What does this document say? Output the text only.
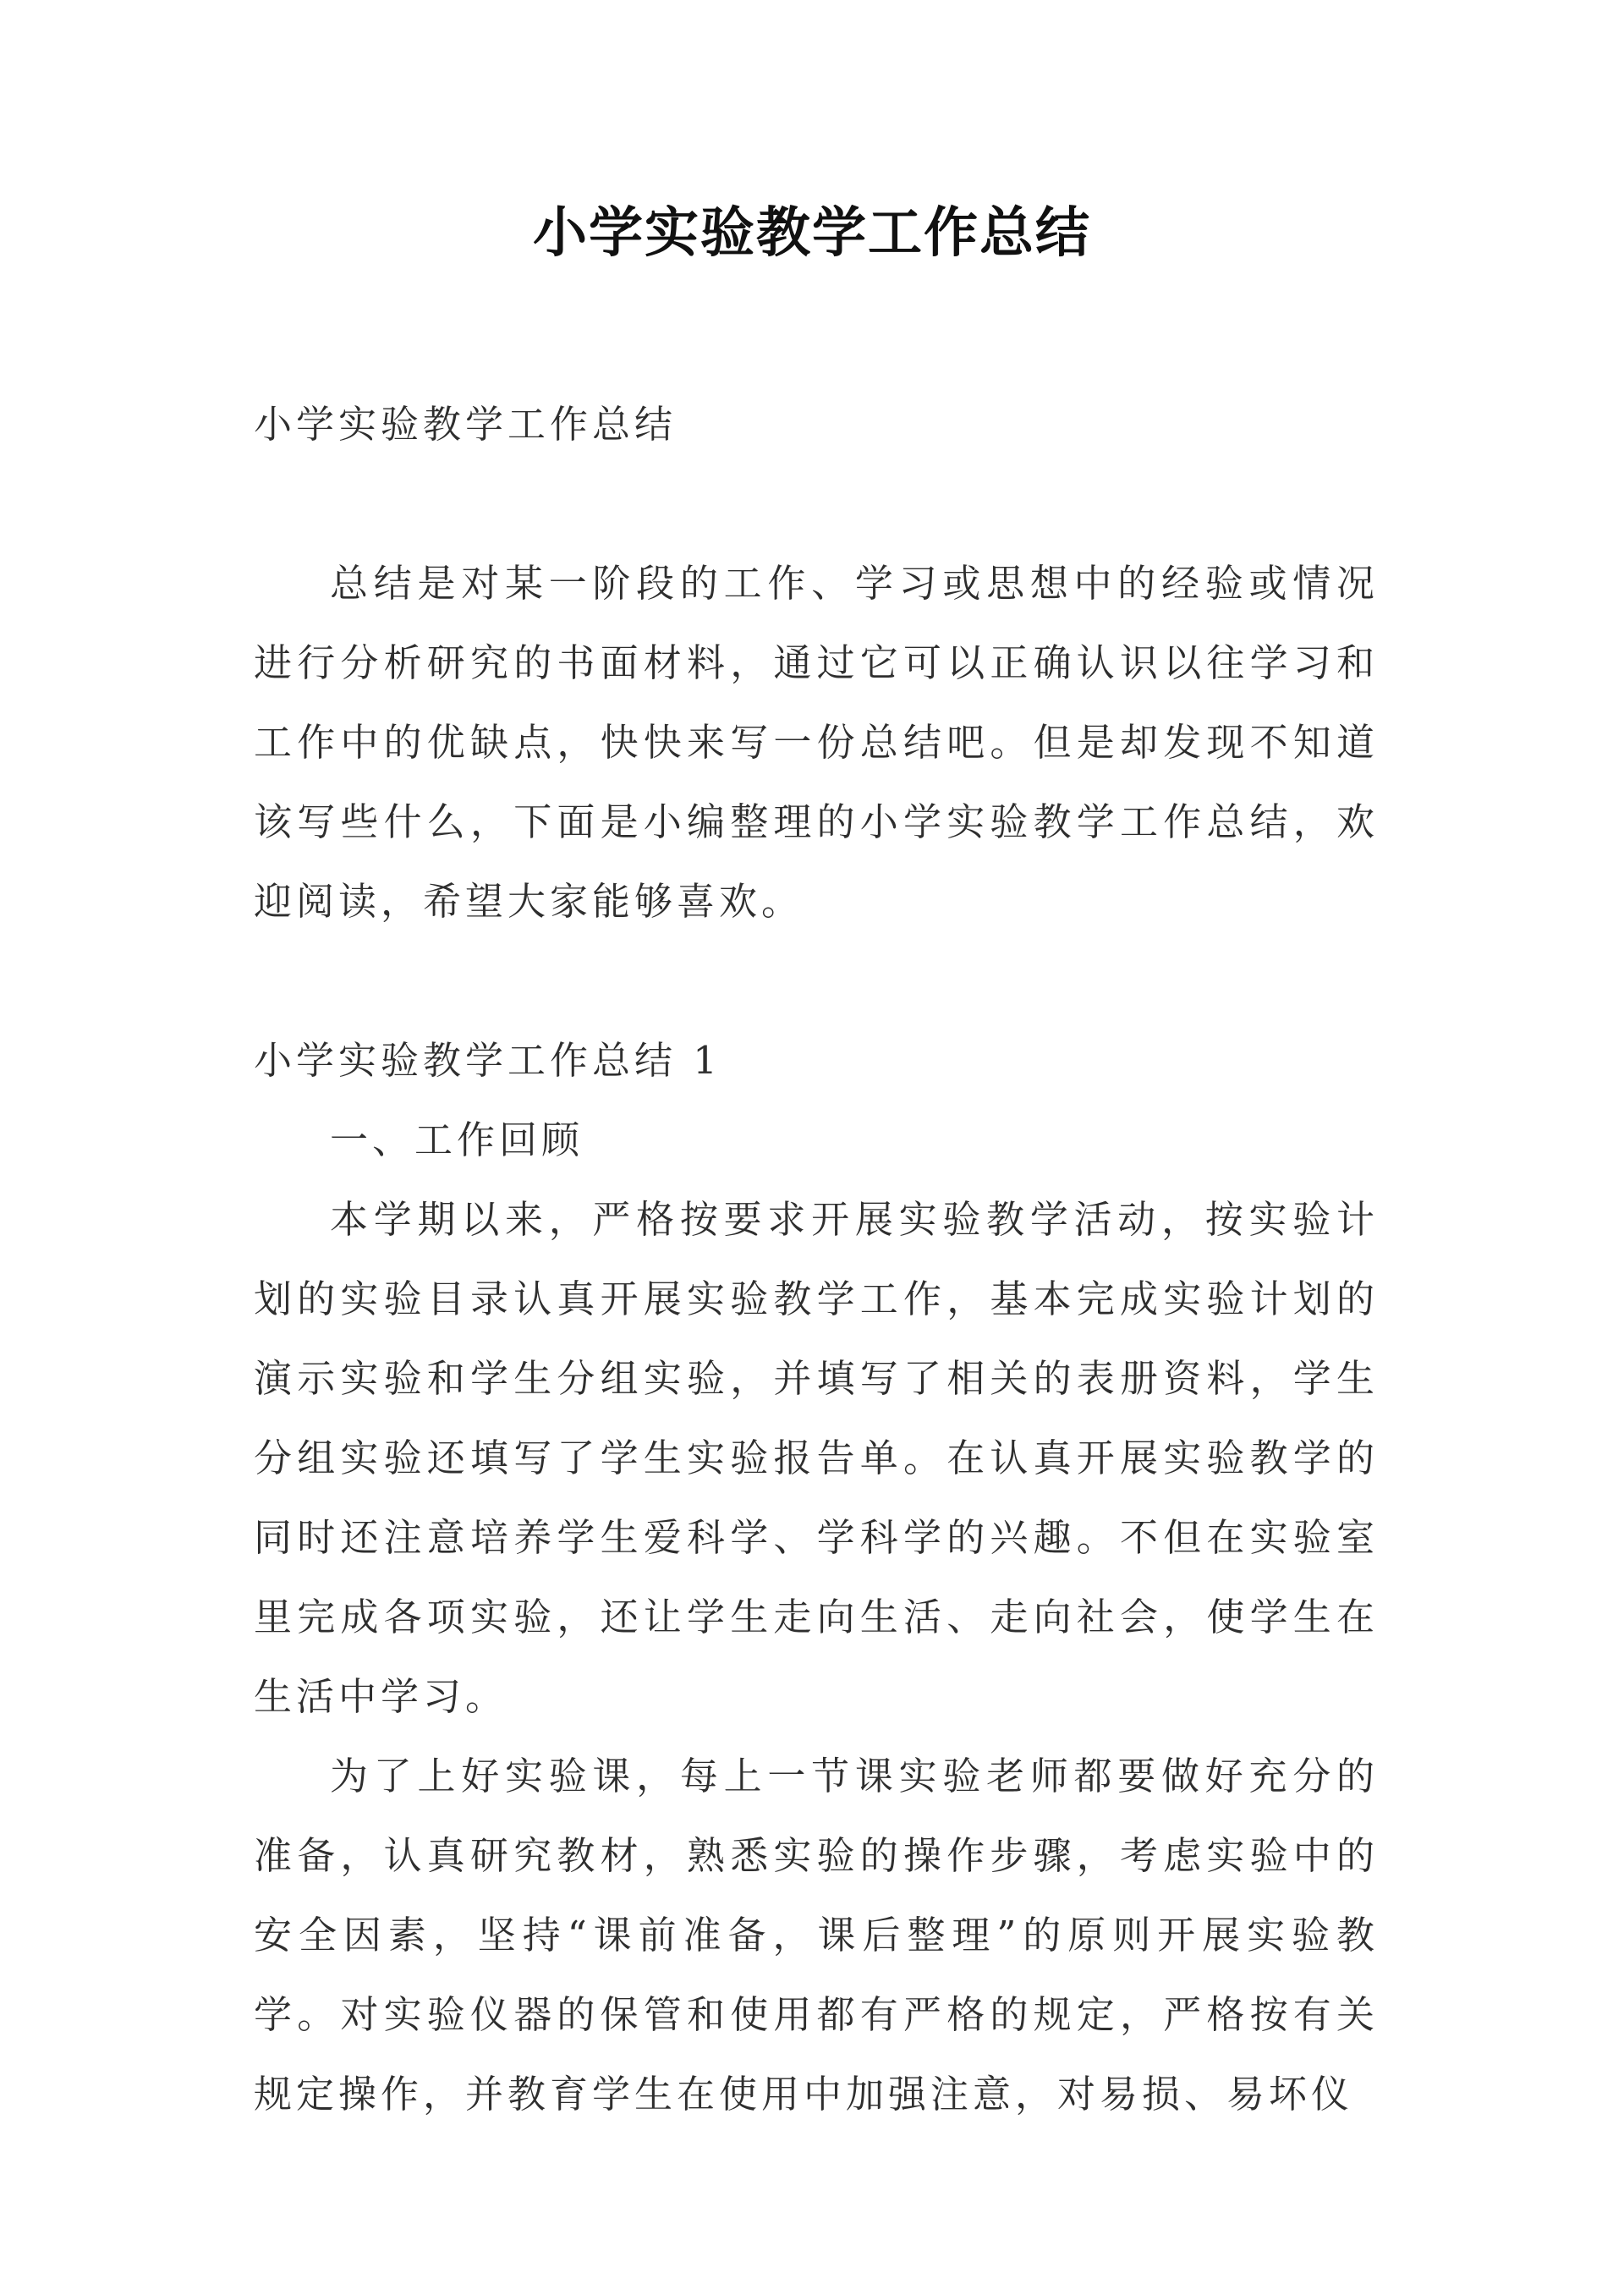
小学实验教学工作总结

小学实验教学工作总结

总结是对某一阶段的工作、学习或思想中的经验或情况进行分析研究的书面材料，通过它可以正确认识以往学习和工作中的优缺点，快快来写一份总结吧。但是却发现不知道该写些什么，下面是小编整理的小学实验教学工作总结，欢迎阅读，希望大家能够喜欢。

小学实验教学工作总结 1

一、工作回顾

本学期以来，严格按要求开展实验教学活动，按实验计划的实验目录认真开展实验教学工作，基本完成实验计划的演示实验和学生分组实验，并填写了相关的表册资料，学生分组实验还填写了学生实验报告单。在认真开展实验教学的同时还注意培养学生爱科学、学科学的兴趣。不但在实验室里完成各项实验，还让学生走向生活、走向社会，使学生在生活中学习。

为了上好实验课，每上一节课实验老师都要做好充分的准备，认真研究教材，熟悉实验的操作步骤，考虑实验中的安全因素，坚持“课前准备，课后整理”的原则开展实验教学。对实验仪器的保管和使用都有严格的规定，严格按有关规定操作，并教育学生在使用中加强注意，对易损、易坏仪
